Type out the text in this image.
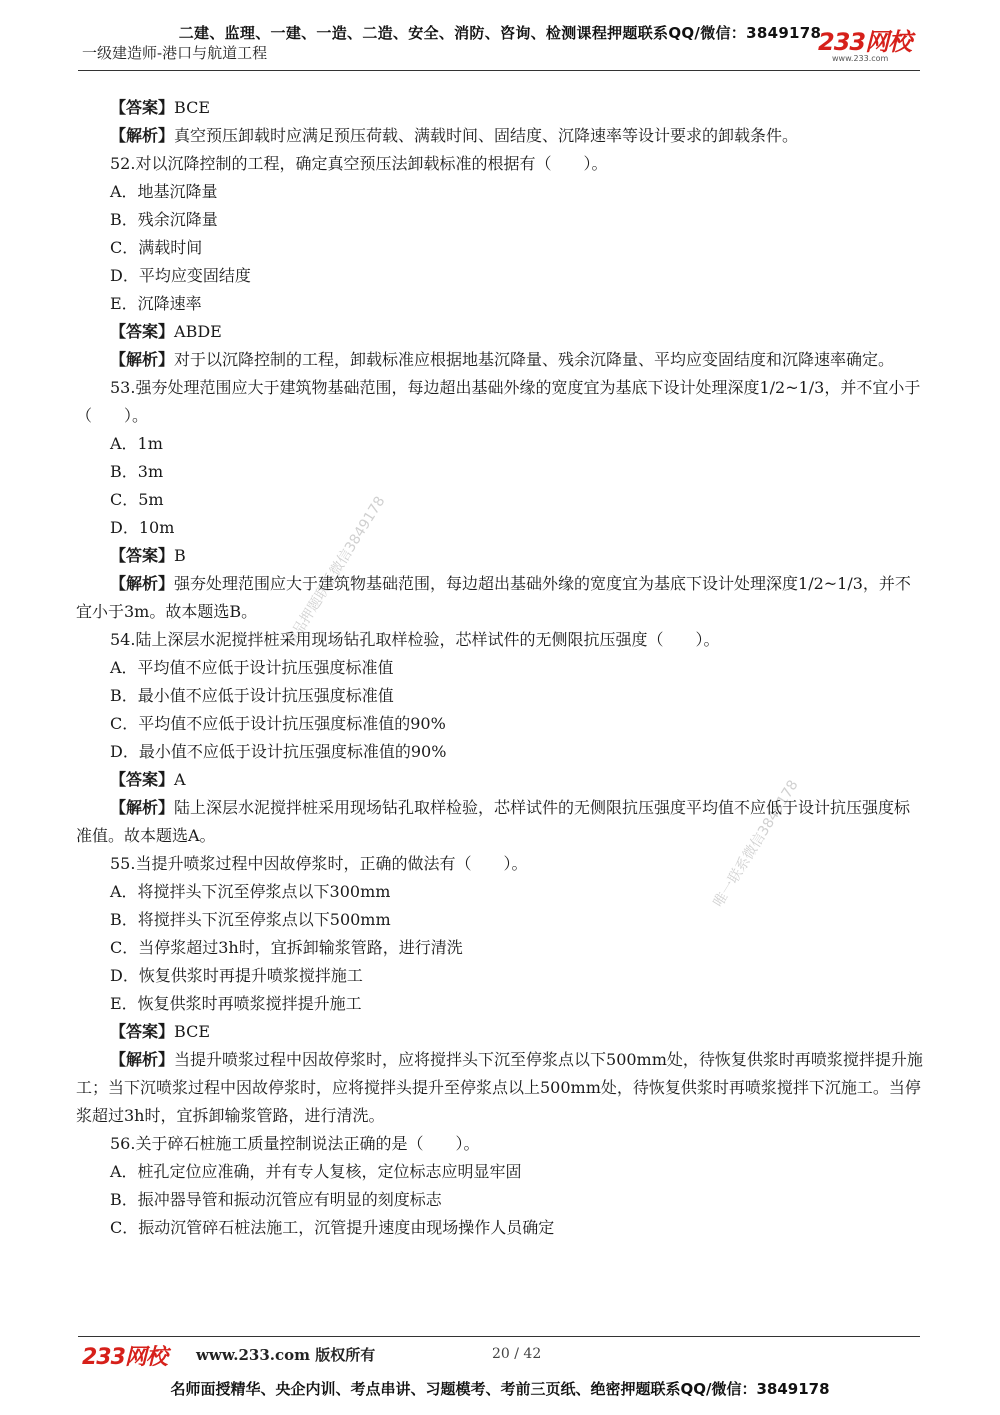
二建、监理、一建、一造、二造、安全、消防、咨询、检测课程押题联系QQ/微信：3849178
一级建造师-港口与航道工程	233网校
www.233.com
精品押题联系微信3849178
唯一联系微信3849178
【答案】BCE
【解析】真空预压卸载时应满足预压荷载、满载时间、固结度、沉降速率等设计要求的卸载条件。
52.对以沉降控制的工程，确定真空预压法卸载标准的根据有（　　）。
A．地基沉降量
B．残余沉降量
C．满载时间
D．平均应变固结度
E．沉降速率
【答案】ABDE
【解析】对于以沉降控制的工程，卸载标准应根据地基沉降量、残余沉降量、平均应变固结度和沉降速率确定。
53.强夯处理范围应大于建筑物基础范围，每边超出基础外缘的宽度宜为基底下设计处理深度1/2~1/3，并不宜小于（　　）。
A．1m
B．3m
C．5m
D．10m
【答案】B
【解析】强夯处理范围应大于建筑物基础范围，每边超出基础外缘的宽度宜为基底下设计处理深度1/2~1/3，并不宜小于3m。故本题选B。
54.陆上深层水泥搅拌桩采用现场钻孔取样检验，芯样试件的无侧限抗压强度（　　）。
A．平均值不应低于设计抗压强度标准值
B．最小值不应低于设计抗压强度标准值
C．平均值不应低于设计抗压强度标准值的90%
D．最小值不应低于设计抗压强度标准值的90%
【答案】A
【解析】陆上深层水泥搅拌桩采用现场钻孔取样检验，芯样试件的无侧限抗压强度平均值不应低于设计抗压强度标准值。故本题选A。
55.当提升喷浆过程中因故停浆时，正确的做法有（　　）。
A．将搅拌头下沉至停浆点以下300mm
B．将搅拌头下沉至停浆点以下500mm
C．当停浆超过3h时，宜拆卸输浆管路，进行清洗
D．恢复供浆时再提升喷浆搅拌施工
E．恢复供浆时再喷浆搅拌提升施工
【答案】BCE
【解析】当提升喷浆过程中因故停浆时，应将搅拌头下沉至停浆点以下500mm处，待恢复供浆时再喷浆搅拌提升施工；当下沉喷浆过程中因故停浆时，应将搅拌头提升至停浆点以上500mm处，待恢复供浆时再喷浆搅拌下沉施工。当停浆超过3h时，宜拆卸输浆管路，进行清洗。
56.关于碎石桩施工质量控制说法正确的是（　　）。
A．桩孔定位应准确，并有专人复核，定位标志应明显牢固
B．振冲器导管和振动沉管应有明显的刻度标志
C．振动沉管碎石桩法施工，沉管提升速度由现场操作人员确定
233网校 www.233.com 版权所有	20 / 42
名师面授精华、央企内训、考点串讲、习题模考、考前三页纸、绝密押题联系QQ/微信：3849178
